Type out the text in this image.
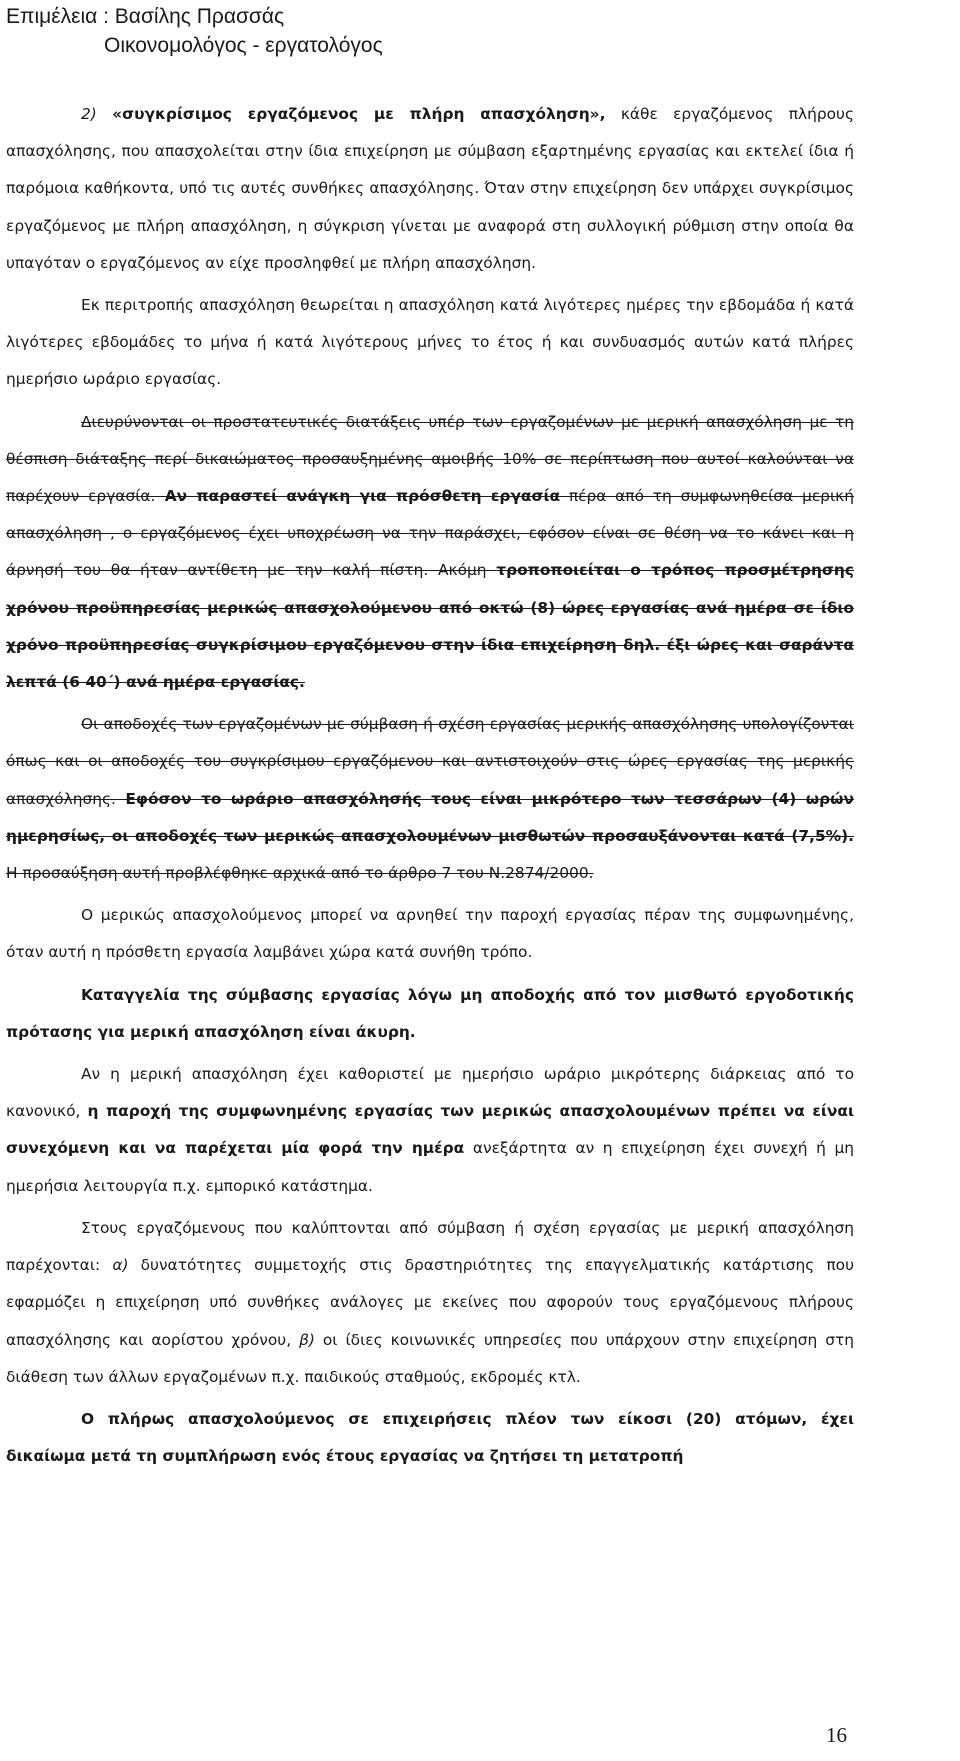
Επιμέλεια : Βασίλης Πρασσάς
Οικονομολόγος - εργατολόγος

2) «συγκρίσιμος εργαζόμενος με πλήρη απασχόληση», κάθε εργαζόμενος πλήρους απασχόλησης, που απασχολείται στην ίδια επιχείρηση με σύμβαση εξαρτημένης εργασίας και εκτελεί ίδια ή παρόμοια καθήκοντα, υπό τις αυτές συνθήκες απασχόλησης. Όταν στην επιχείρηση δεν υπάρχει συγκρίσιμος εργαζόμενος με πλήρη απασχόληση, η σύγκριση γίνεται με αναφορά στη συλλογική ρύθμιση στην οποία θα υπαγόταν ο εργαζόμενος αν είχε προσληφθεί με πλήρη απασχόληση.

Εκ περιτροπής απασχόληση θεωρείται η απασχόληση κατά λιγότερες ημέρες την εβδομάδα ή κατά λιγότερες εβδομάδες το μήνα ή κατά λιγότερους μήνες το έτος ή και συνδυασμός αυτών κατά πλήρες ημερήσιο ωράριο εργασίας.

Διευρύνονται οι προστατευτικές διατάξεις υπέρ των εργαζομένων με μερική απασχόληση με τη θέσπιση διάταξης περί δικαιώματος προσαυξημένης αμοιβής 10% σε περίπτωση που αυτοί καλούνται να παρέχουν εργασία. Αν παραστεί ανάγκη για πρόσθετη εργασία πέρα από τη συμφωνηθείσα μερική απασχόληση , ο εργαζόμενος έχει υποχρέωση να την παράσχει, εφόσον είναι σε θέση να το κάνει και η άρνησή του θα ήταν αντίθετη με την καλή πίστη. Ακόμη τροποποιείται ο τρόπος προσμέτρησης χρόνου προϋπηρεσίας μερικώς απασχολούμενου από οκτώ (8) ώρες εργασίας ανά ημέρα σε ίδιο χρόνο προϋπηρεσίας συγκρίσιμου εργαζόμενου στην ίδια επιχείρηση δηλ. έξι ώρες και σαράντα λεπτά (6 40΄) ανά ημέρα εργασίας.

Οι αποδοχές των εργαζομένων με σύμβαση ή σχέση εργασίας μερικής απασχόλησης υπολογίζονται όπως και οι αποδοχές του συγκρίσιμου εργαζόμενου και αντιστοιχούν στις ώρες εργασίας της μερικής απασχόλησης. Εφόσον το ωράριο απασχόλησής τους είναι μικρότερο των τεσσάρων (4) ωρών ημερησίως, οι αποδοχές των μερικώς απασχολουμένων μισθωτών προσαυξάνονται κατά (7,5%). Η προσαύξηση αυτή προβλέφθηκε αρχικά από το άρθρο 7 του Ν.2874/2000.

Ο μερικώς απασχολούμενος μπορεί να αρνηθεί την παροχή εργασίας πέραν της συμφωνημένης, όταν αυτή η πρόσθετη εργασία λαμβάνει χώρα κατά συνήθη τρόπο.

Καταγγελία της σύμβασης εργασίας λόγω μη αποδοχής από τον μισθωτό εργοδοτικής πρότασης για μερική απασχόληση είναι άκυρη.

Αν η μερική απασχόληση έχει καθοριστεί με ημερήσιο ωράριο μικρότερης διάρκειας από το κανονικό, η παροχή της συμφωνημένης εργασίας των μερικώς απασχολουμένων πρέπει να είναι συνεχόμενη και να παρέχεται μία φορά την ημέρα ανεξάρτητα αν η επιχείρηση έχει συνεχή ή μη ημερήσια λειτουργία π.χ. εμπορικό κατάστημα.

Στους εργαζόμενους που καλύπτονται από σύμβαση ή σχέση εργασίας με μερική απασχόληση παρέχονται: α) δυνατότητες συμμετοχής στις δραστηριότητες της επαγγελματικής κατάρτισης που εφαρμόζει η επιχείρηση υπό συνθήκες ανάλογες με εκείνες που αφορούν τους εργαζόμενους πλήρους απασχόλησης και αορίστου χρόνου, β) οι ίδιες κοινωνικές υπηρεσίες που υπάρχουν στην επιχείρηση στη διάθεση των άλλων εργαζομένων π.χ. παιδικούς σταθμούς, εκδρομές κτλ.

Ο πλήρως απασχολούμενος σε επιχειρήσεις πλέον των είκοσι (20) ατόμων, έχει δικαίωμα μετά τη συμπλήρωση ενός έτους εργασίας να ζητήσει τη μετατροπή

16
